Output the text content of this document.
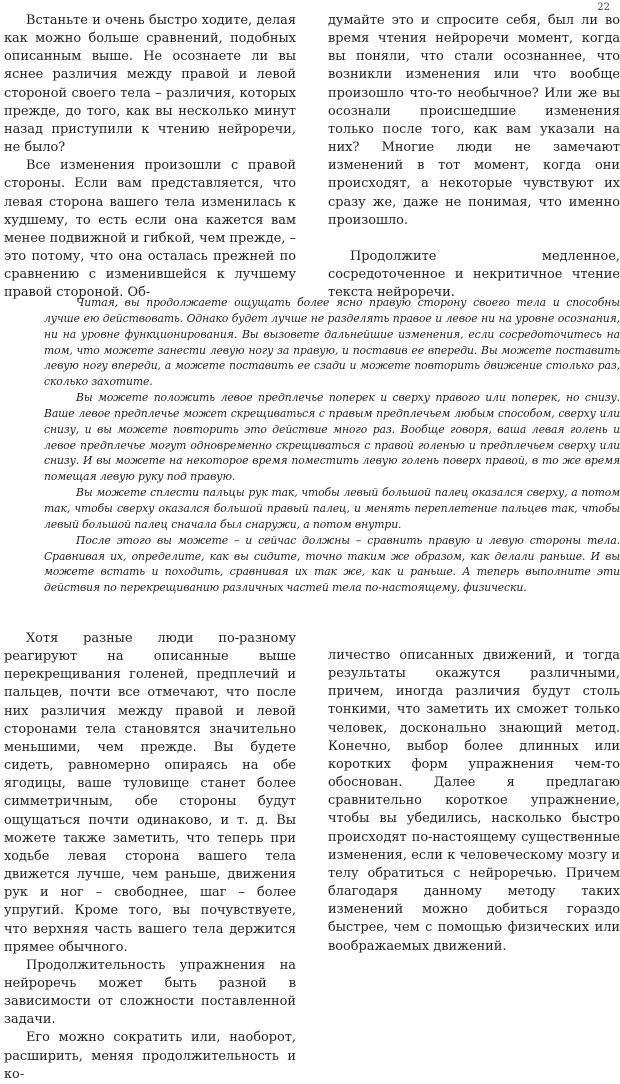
22

Встаньте и очень быстро ходите, делая как можно больше сравнений, подобных описанным выше. Не осознаете ли вы яснее различия между правой и левой стороной своего тела – различия, которых прежде, до того, как вы несколько минут назад приступили к чтению нейроречи, не было?

Все изменения произошли с правой стороны. Если вам представляется, что левая сторона вашего тела изменилась к худшему, то есть если она кажется вам менее подвижной и гибкой, чем прежде, – это потому, что она осталась прежней по сравнению с изменившейся к лучшему правой стороной. Об-

думайте это и спросите себя, был ли во время чтения нейроречи момент, когда вы поняли, что стали осознаннее, что возникли изменения или что вообще произошло что-то необычное? Или же вы осознали происшедшие изменения только после того, как вам указали на них? Многие люди не замечают изменений в тот момент, когда они происходят, а некоторые чувствуют их сразу же, даже не понимая, что именно произошло.

Продолжите медленное, сосредоточенное и некритичное чтение текста нейроречи.

Читая, вы продолжаете ощущать более ясно правую сторону своего тела и способны лучше ею действовать. Однако будет лучше не разделять правое и левое ни на уровне осознания, ни на уровне функционирования. Вы вызовете дальнейшие изменения, если сосредоточитесь на том, что можете занести левую ногу за правую, и поставив ее впереди. Вы можете поставить левую ногу впереди, а можете поставить ее сзади и можете повторить движение столько раз, сколько захотите.

Вы можете положить левое предплечье поперек и сверху правого или поперек, но снизу. Ваше левое предплечье может скрещиваться с правым предплечьем любым способом, сверху или снизу, и вы можете повторить это действие много раз. Вообще говоря, ваша левая голень и левое предплечье могут одновременно скрещиваться с правой голенью и предплечьем сверху или снизу. И вы можете на некоторое время поместить левую голень поверх правой, в то же время помещая левую руку под правую.

Вы можете сплести пальцы рук так, чтобы левый большой палец оказался сверху, а потом так, чтобы сверху оказался большой правый палец, и менять переплетение пальцев так, чтобы левый большой палец сначала был снаружи, а потом внутри.

После этого вы можете – и сейчас должны – сравнить правую и левую стороны тела. Сравнивая их, определите, как вы сидите, точно таким же образом, как делали раньше. И вы можете встать и походить, сравнивая их так же, как и раньше. А теперь выполните эти действия по перекрещиванию различных частей тела по-настоящему, физически.

Хотя разные люди по-разному реагируют на описанные выше перекрещивания голеней, предплечий и пальцев, почти все отмечают, что после них различия между правой и левой сторонами тела становятся значительно меньшими, чем прежде. Вы будете сидеть, равномерно опираясь на обе ягодицы, ваше туловище станет более симметричным, обе стороны будут ощущаться почти одинаково, и т. д. Вы можете также заметить, что теперь при ходьбе левая сторона вашего тела движется лучше, чем раньше, движения рук и ног – свободнее, шаг – более упругий. Кроме того, вы почувствуете, что верхняя часть вашего тела держится прямее обычного.

Продолжительность упражнения на нейроречь может быть разной в зависимости от сложности поставленной задачи.

Его можно сократить или, наоборот, расширить, меняя продолжительность и ко-

личество описанных движений, и тогда результаты окажутся различными, причем, иногда различия будут столь тонкими, что заметить их сможет только человек, досконально знающий метод. Конечно, выбор более длинных или коротких форм упражнения чем-то обоснован. Далее я предлагаю сравнительно короткое упражнение, чтобы вы убедились, насколько быстро происходят по-настоящему существенные изменения, если к человеческому мозгу и телу обратиться с нейроречью. Причем благодаря данному методу таких изменений можно добиться гораздо быстрее, чем с помощью физических или воображаемых движений.
